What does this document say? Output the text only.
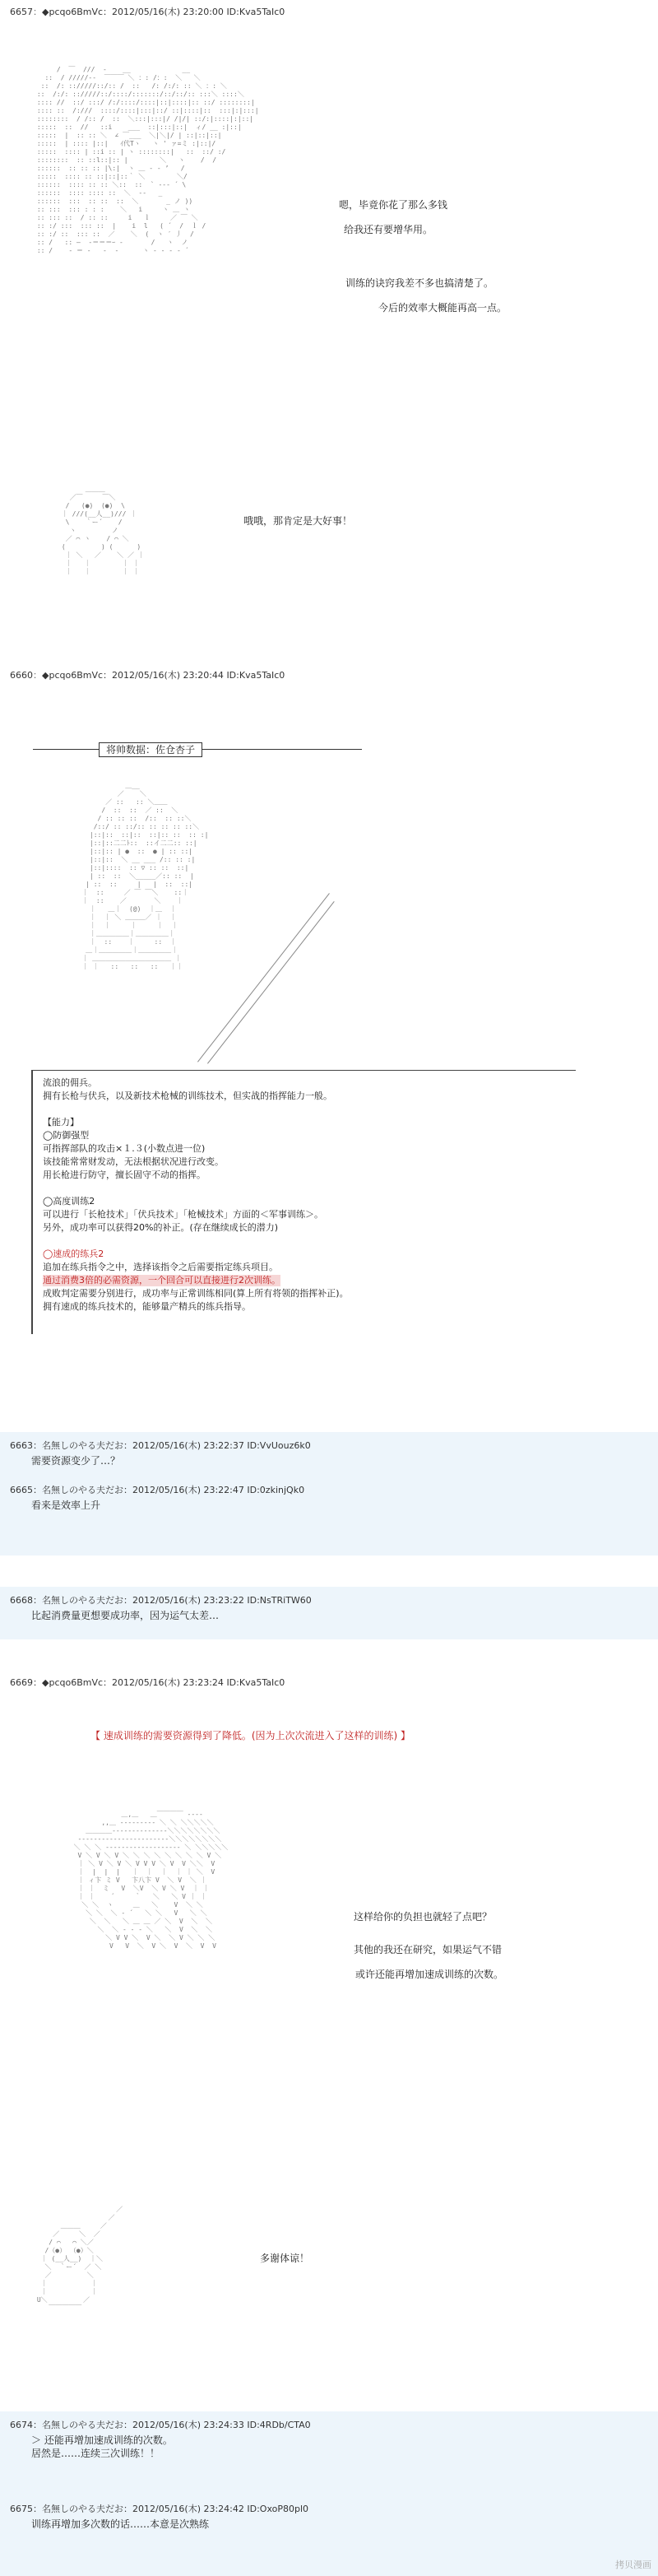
6657：◆pcqo6BmVc：2012/05/16(木) 23:20:00 ID:Kva5TaIc0
/  ￣  ///  ‐    __             __
::  / /////‐‐  ￣￣￣ ＼ ：: /：:  ＼   ＼
::  /: :://///::/:: /  ::   /: /:/: :: ＼ ：: ＼
::  /:/: :://///::/::::/:::::::/::/::/:: :::＼ ::::＼
:::: //  ::/ :::/ /:/::::/::::|::|::::|:: ::/ ::::::::|
:::: ::  /:///  ::::/::::|:::|::/ ::|::::|::  :::|:|:::|
::::::::  / /:: /  ::  ＼:::|:::|/ /|/| ::/:|::::|:|::|
:::::  ::  //   ::i    ___  ::|:::|::|  ィ/ __ :|::|
:::::  |  :: :: ＼  ∠ ￣___  ＼|＼|/ | ::|::|::|
:::::  | :::: |::|   ｲ代Tヽ   ヽ ' ァ=ミ :|::|/
:::::  :::: | ::i :: | ヽ ::::::::|   ::  ::/ :/
::::::::  :: ::l::|:: |        ＼   ヽ    /  /
::::::  :: :: :: |\:|  ヽ ＿ ‐ ‐ ’   /
:::::  :::: :: ::|::|::｀ ＼        ＼/
::::::  :::: :: :: ＼::  ::  ` ‐-‐ ´ \
::::::  :::: :::: ::  ＼  -‐   _
::::::  :::  :: ::  ::  ＼       _ ノ ))
:: :::  ::: : : :    ＼   i     ヽ ＿ ヽ
:: ::: ::  / :: ::     i   ｌ     ／ ￣ ＼
:: :/ :::  ::: ::  |    i  l   ( ´  /  ｌ /
:: :/ ::  ::: ::  ／    ＼  (  ヽ ′ 丿  /
:: /   :: ―  ‐＝＝＝ｰ ‐       /   ヽ  ノ
:: /    ‐ ＝ ‐   ‐  ‐      ヽ ‐ ‐ ‐ ‐ ´

嗯，毕竟你花了那么多钱
给我还有要增华用。
训练的诀窍我差不多也搞清楚了。
今后的效率大概能再高一点。
＿＿＿
／￣     ￣＼
/   (●)  (●)  \
｜ ///(__人__)/// ｜
\    ｀ー´    /
ヽ         ノ
／ ⌒ ヽ    / ⌒ ＼
(         ) (      )
｜ ＼   ／    ＼ ／ ｜
｜   ｜        ｜ ｜
｜   ｜        ｜ ｜

哦哦，那肯定是大好事！
6660：◆pcqo6BmVc：2012/05/16(木) 23:20:44 ID:Kva5TaIc0
将帅数据：佐仓杏子
＿__
／    ＼
／ ::   :: ＼＿＿
/  ::  ::  ／ ::  ＼
/ :: :: ::  /::  :: ::＼
/::/ :: ::/:: :: :: :: ::＼
|::|::  ::|::  ::|:: ::  :: :|
|::|::二二ﾄ::  ::イ二二:: ::|
|::|:: | ●  ::  ● | :: ::|
|::|::  ＼ __ ___ /:: :: :|
|::|::::  :: ▽ :: ::  ::|
| ::  ::  ＼_____／:: ::  |
| ::  ::     |   |  ::  ::|
｜  ::     ／ ￣ ￣＼    ::｜
｜  ::    ／       ＼    ｜
｜   ＿｜  (@)  ｜＿  ｜
｜  ｜ ＼ ＿＿＿／ ｜  ｜
｜  ｜     ｜     ｜  ｜
｜＿＿＿＿＿｜＿＿＿＿＿｜
｜  ::    ｜     ::  ｜
＿｜＿＿＿＿＿｜＿＿＿＿＿｜
｜ ＿＿＿＿＿＿＿＿＿＿＿＿ ｜
｜ ｜   ::   ::   ::   ｜｜

流浪的佣兵。
拥有长枪与伏兵，以及新技术枪械的训练技术，但实战的指挥能力一般。
【能力】
◯防御强型
可指挥部队的攻击×１.３(小数点进一位)
该技能常常财发动，无法根据状况进行改变。
用长枪进行防守，擅长固守不动的指挥。
◯高度训练2
可以进行「长枪技术」「伏兵技术」「枪械技术」方面的＜军事训练＞。
另外，成功率可以获得20%的补正。(存在继续成长的潜力)
◯速成的练兵2
追加在练兵指令之中，选择该指令之后需要指定练兵项目。
通过消费3倍的必需资源，一个回合可以直接进行2次训练。
成败判定需要分别进行，成功率与正常训练相同(算上所有将领的指挥补正)。
拥有速成的练兵技术的，能够量产精兵的练兵指导。
6663：名無しのやる夫だお：2012/05/16(木) 23:22:37 ID:VvUouz6k0
需要资源变少了…？
6665：名無しのやる夫だお：2012/05/16(木) 23:22:47 ID:0zkinjQk0
看来是效率上升
6668：名無しのやる夫だお：2012/05/16(木) 23:23:22 ID:NsTRiTW60
比起消费量更想要成功率，因为运气太差…
6669：◆pcqo6BmVc：2012/05/16(木) 23:23:24 ID:Kva5TaIc0
【 速成训练的需要资源得到了降低。(因为上次次流进入了这样的训练) 】
＿,＿   ＿￣￣￣￣ ‐‐‐‐
,,＿ ‐‐‐‐‐‐‐‐‐ ＼ ＼ ＼＼＼＼＼
＿＿＿＿‐‐‐‐‐‐‐‐‐‐‐‐‐‐＼＼＼＼＼＼＼＼
‐‐‐‐‐‐‐‐‐‐‐‐‐‐‐‐‐‐‐‐‐‐‐＼＼＼＼＼＼＼＼
＼ ＼ ＼ ‐‐‐‐‐‐‐‐‐‐‐‐‐‐‐‐‐‐‐ ＼ ＼＼＼＼＼
V ＼ V ＼ V ＼ ＼ ＼ ＼ ＼ ＼ ＼ ＼ V ＼
｜ ＼ V ＼ V ＼ V V V ＼ V  V ＼＼  V
｜  |  |  |   ｜  ｜  ｜  ｜ ｜ ＼  V
｜ ィ卞 ミ V   卞八卞 V  ＼ V  ＼ ｜
｜ ｜  ミ   V  ＼V  ＼ V ＼ V  ｜ ｜
｜ ｜    ´     ｀   ＼   ＼ V ｜ ｜
＼ ＼  ヽ     ＿   ＼    V  ＼ ＼
＼ ＼  ＼ ‐ ´   ＼ ＼   V   ＼ ＼
＼  ＼   ＼ ＿ ＿ ／ ＼  V  ＼  ＼
＼  ＼ ‐ ‐ ‐ ＼   ＼  V  ＼  ＼
＼ V V ＼  V ＼  ＼ V ＼ ＼ ＼
V   V  ＼  V ＼  V  ＼  V  V

这样给你的负担也就轻了点吧？
其他的我还在研究，如果运气不错
或许还能再增加速成训练的次数。
／
／
＿＿＿     ／
／     ＼  ／
/ ⌒   ⌒ ＼／
/（●） （●）＼
｜ (__人__)  ｜＼
＼  ｀ー´  ／ ＼
／         ＼
｜           ｜
｜           ｜
U＼         ／
￣￣￣￣￣

多谢体谅！
6674：名無しのやる夫だお：2012/05/16(木) 23:24:33 ID:4RDb/CTA0
＞ 还能再增加速成训练的次数。
居然是……连续三次训练！！
6675：名無しのやる夫だお：2012/05/16(木) 23:24:42 ID:OxoP80pl0
训练再增加多次数的话……本意是次熟练
拷贝漫画
